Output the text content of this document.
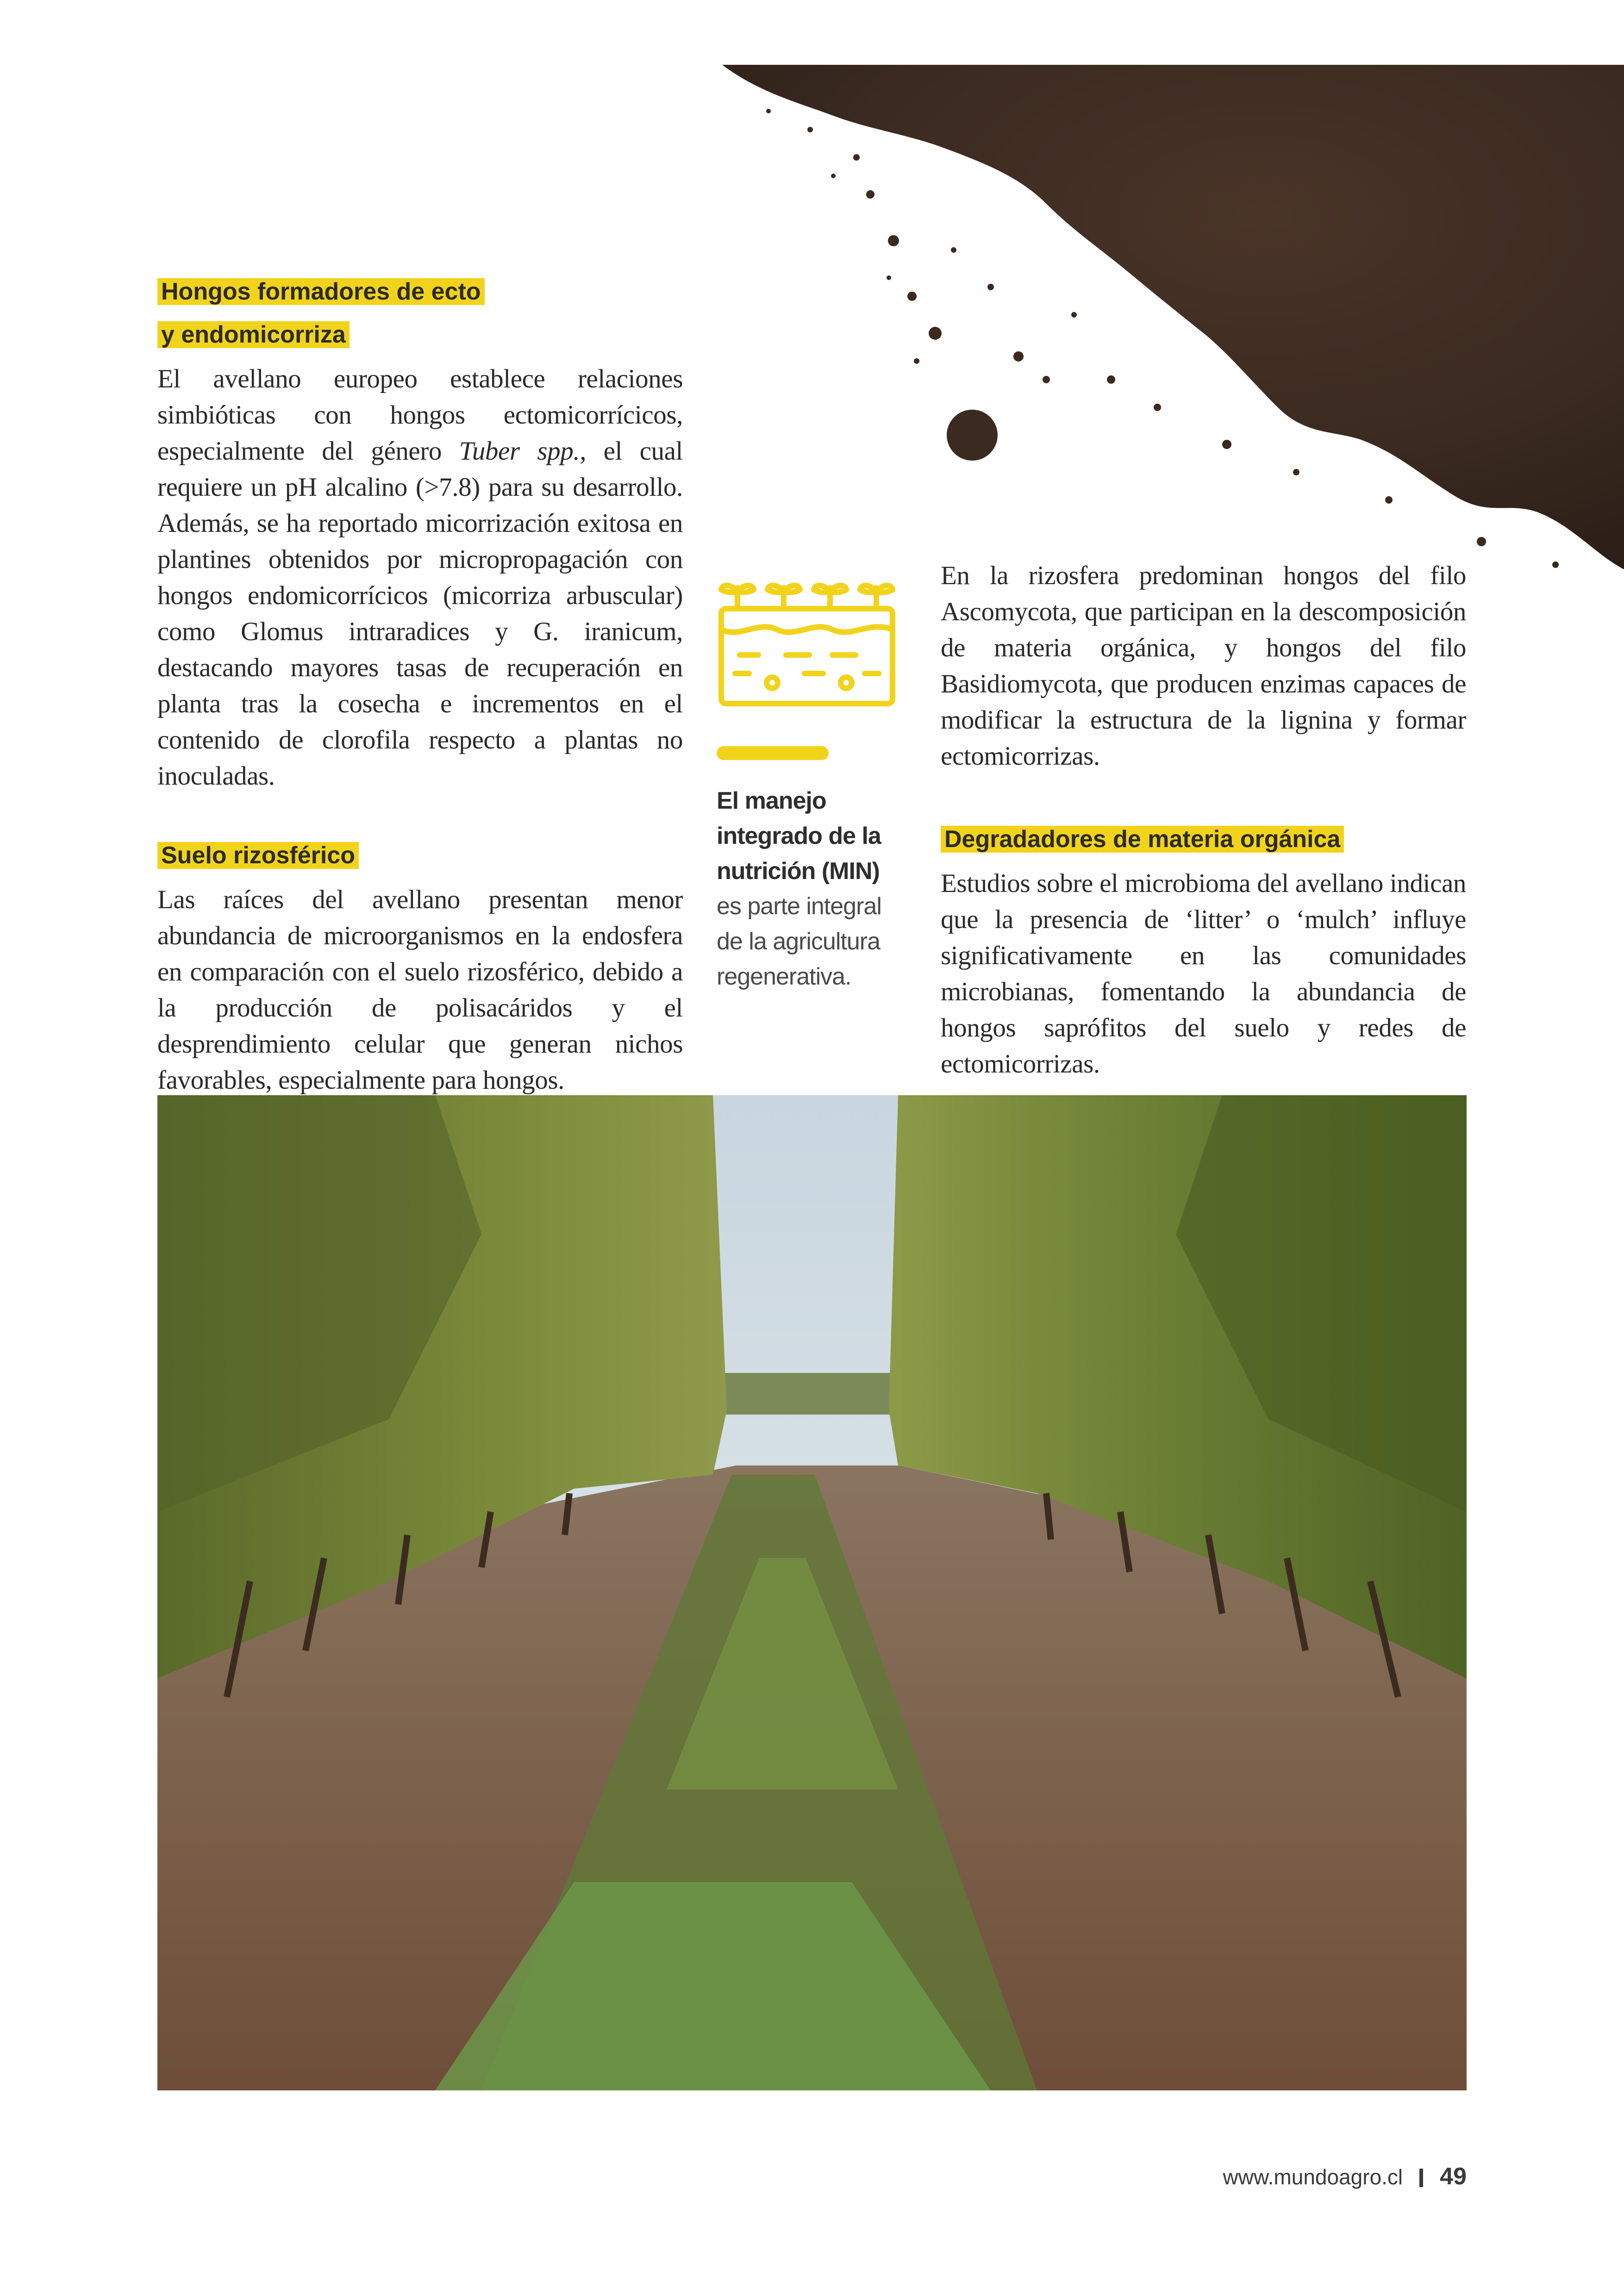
Hongos formadores de ecto
y endomicorriza

El avellano europeo establece relaciones simbióticas con hongos ectomicorrícicos, especialmente del género Tuber spp., el cual requiere un pH alcalino (>7.8) para su desarrollo. Además, se ha reportado micorrización exitosa en plantines obtenidos por micropropagación con hongos endomicorrícicos (micorriza arbuscular) como Glomus intraradices y G. iranicum, destacando mayores tasas de recuperación en planta tras la cosecha e incrementos en el contenido de clorofila respecto a plantas no inoculadas.

Suelo rizosférico

Las raíces del avellano presentan menor abundancia de microorganismos en la endosfera en comparación con el suelo rizosférico, debido a la producción de polisacáridos y el desprendimiento celular que generan nichos favorables, especialmente para hongos.

El manejo integrado de la nutrición (MIN) es parte integral de la agricultura regenerativa.

En la rizosfera predominan hongos del filo Ascomycota, que participan en la descomposición de materia orgánica, y hongos del filo Basidiomycota, que producen enzimas capaces de modificar la estructura de la lignina y formar ectomicorrizas.

Degradadores de materia orgánica

Estudios sobre el microbioma del avellano indican que la presencia de ‘litter’ o ‘mulch’ influye significativamente en las comunidades microbianas, fomentando la abundancia de hongos saprófitos del suelo y redes de ectomicorrizas.

www.mundoagro.cl 49
